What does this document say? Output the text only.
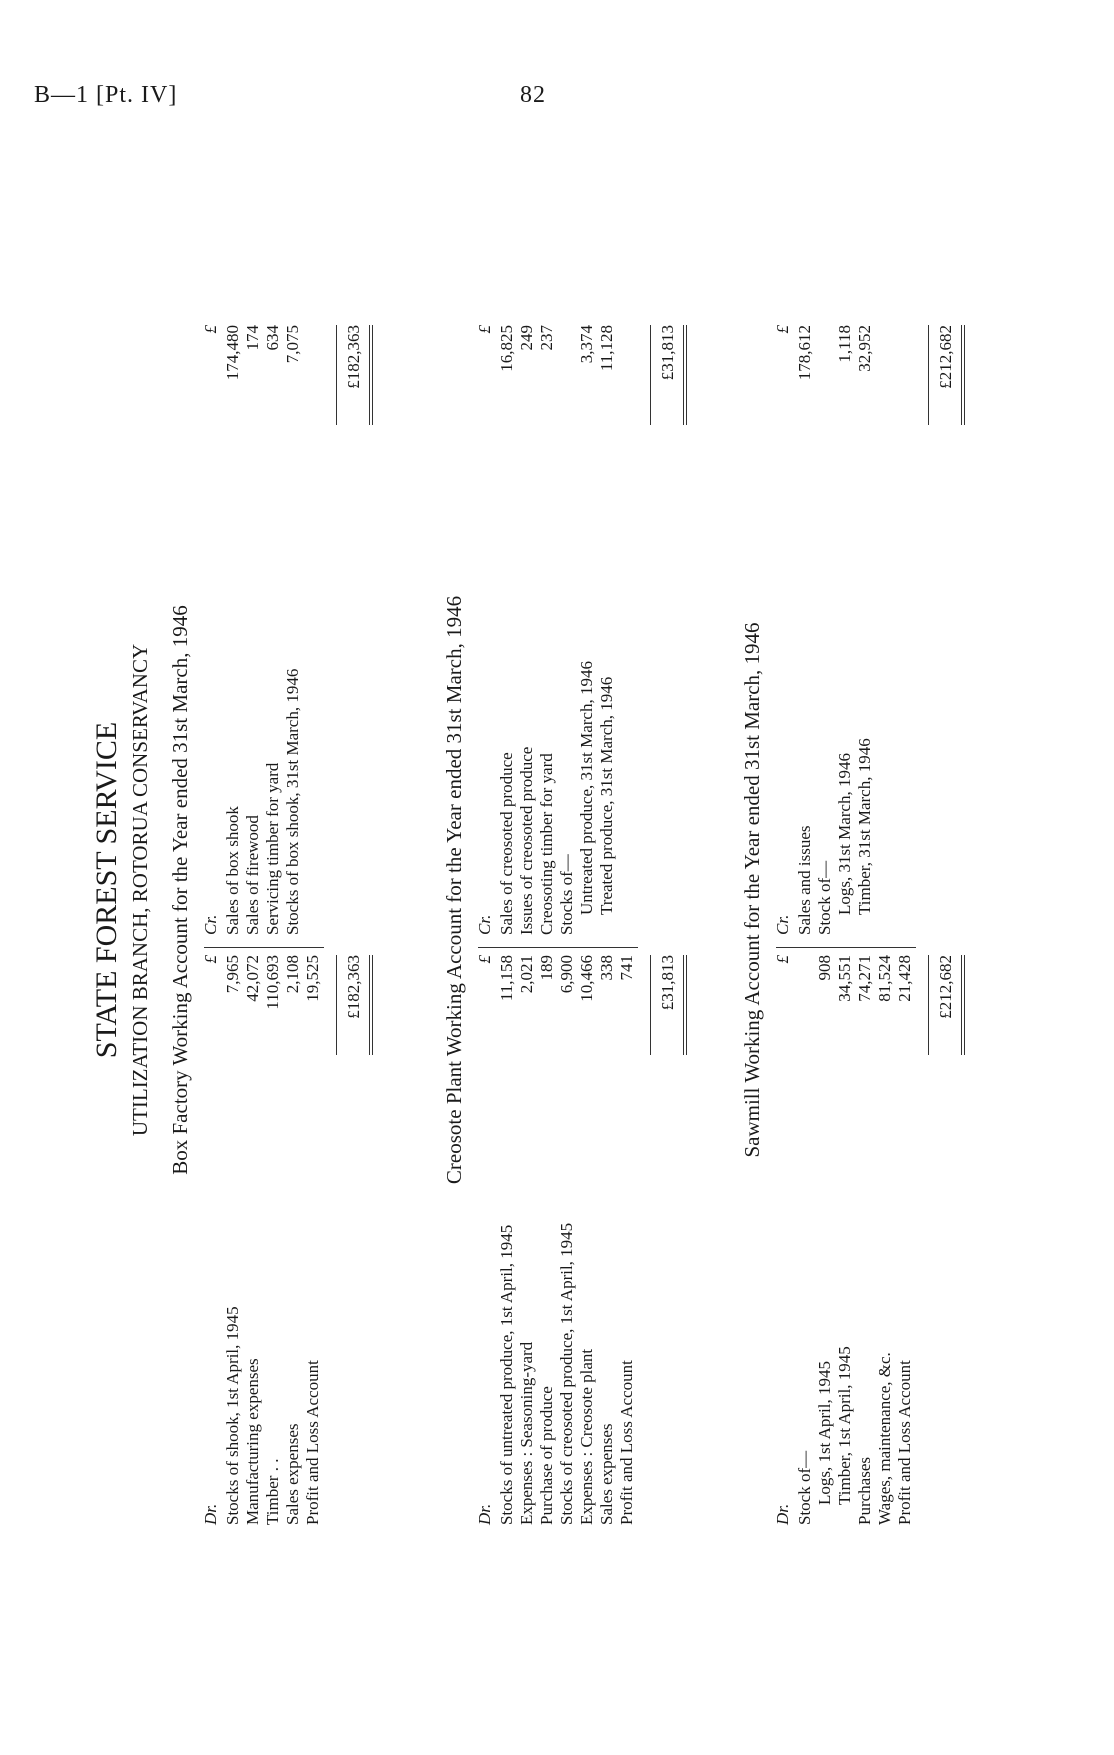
B—1 [Pt. IV]	82
STATE FOREST SERVICE UTILIZATION BRANCH, ROTORUA CONSERVANCY Box Factory Working Account for the Year ended 31st March, 1946
Dr. Stocks of shook, 1st April, 1945 Manufacturing expenses Timber . . Sales expenses Profit and Loss Account
£ 7,965 42,072 110,693 2,108 19,525 £182,363
Cr. Sales of box shook Sales of firewood Servicing timber for yard Stocks of box shook, 31st March, 1946
£ 174,480 174 634 7,075 £182,363
Creosote Plant Working Account for the Year ended 31st March, 1946
Dr. Stocks of untreated produce, 1st April, 1945 Expenses : Seasoning-yard Purchase of produce Stocks of creosoted produce, 1st April, 1945 Expenses : Creosote plant Sales expenses Profit and Loss Account
£ 11,158 2,021 189 6,900 10,466 338 741 £31,813
Cr. Sales of creosoted produce Issues of creosoted produce Creosoting timber for yard Stocks of— Untreated produce, 31st March, 1946 Treated produce, 31st March, 1946
£ 16,825 249 237 3,374 11,128 £31,813
Sawmill Working Account for the Year ended 31st March, 1946
Dr. Stock of— Logs, 1st April, 1945 Timber, 1st April, 1945 Purchases Wages, maintenance, &c. Profit and Loss Account
£ 908 34,551 74,271 81,524 21,428 £212,682
Cr. Sales and issues Stock of— Logs, 31st March, 1946 Timber, 31st March, 1946
£ 178,612 1,118 32,952	£212,682
